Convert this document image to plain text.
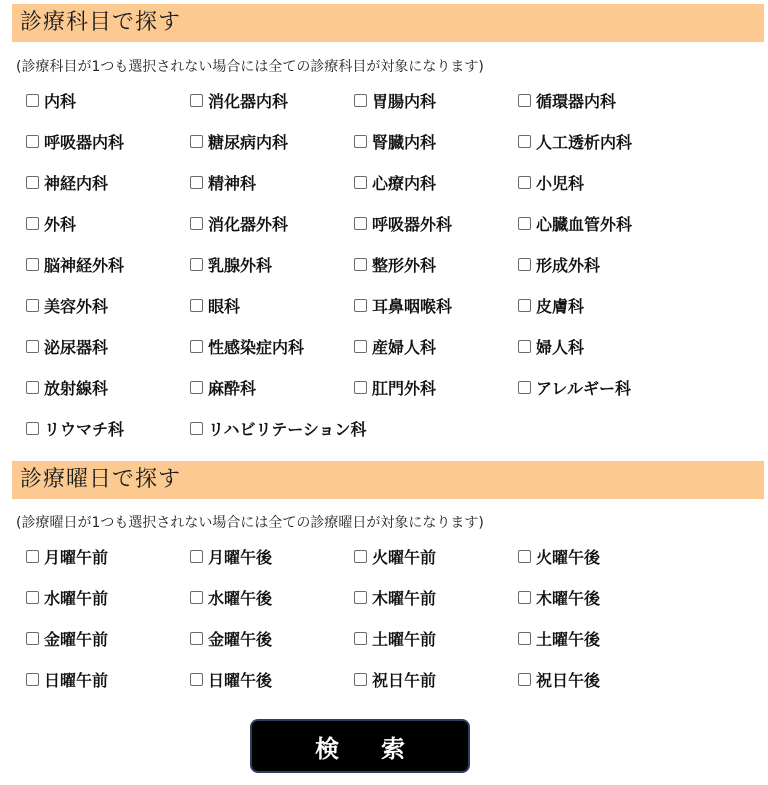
診療科目で探す
(診療科目が1つも選択されない場合には全ての診療科目が対象になります)
内科	消化器内科	胃腸内科	循環器内科
呼吸器内科	糖尿病内科	腎臓内科	人工透析内科
神経内科	精神科	心療内科	小児科
外科	消化器外科	呼吸器外科	心臓血管外科
脳神経外科	乳腺外科	整形外科	形成外科
美容外科	眼科	耳鼻咽喉科	皮膚科
泌尿器科	性感染症内科	産婦人科	婦人科
放射線科	麻酔科	肛門外科	アレルギー科
リウマチ科	リハビリテーション科
診療曜日で探す
(診療曜日が1つも選択されない場合には全ての診療曜日が対象になります)
月曜午前	月曜午後	火曜午前	火曜午後
水曜午前	水曜午後	木曜午前	木曜午後
金曜午前	金曜午後	土曜午前	土曜午後
日曜午前	日曜午後	祝日午前	祝日午後
検索
